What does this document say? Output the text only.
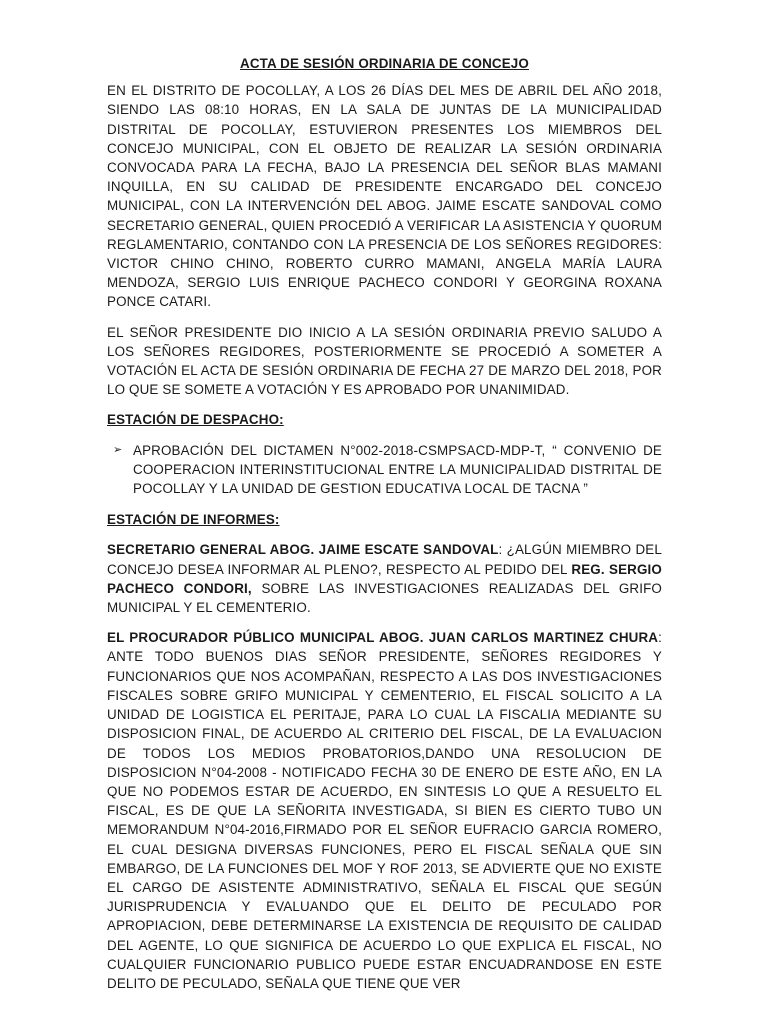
ACTA DE SESIÓN ORDINARIA DE CONCEJO

EN EL DISTRITO DE POCOLLAY, A LOS 26 DÍAS DEL MES DE ABRIL DEL AÑO 2018, SIENDO LAS 08:10 HORAS, EN LA SALA DE JUNTAS DE LA MUNICIPALIDAD DISTRITAL DE POCOLLAY, ESTUVIERON PRESENTES LOS MIEMBROS DEL CONCEJO MUNICIPAL, CON EL OBJETO DE REALIZAR LA SESIÓN ORDINARIA CONVOCADA PARA LA FECHA, BAJO LA PRESENCIA DEL SEÑOR BLAS MAMANI INQUILLA, EN SU CALIDAD DE PRESIDENTE ENCARGADO DEL CONCEJO MUNICIPAL, CON LA INTERVENCIÓN DEL ABOG. JAIME ESCATE SANDOVAL COMO SECRETARIO GENERAL, QUIEN PROCEDIÓ A VERIFICAR LA ASISTENCIA Y QUORUM REGLAMENTARIO, CONTANDO CON LA PRESENCIA DE LOS SEÑORES REGIDORES: VICTOR CHINO CHINO, ROBERTO CURRO MAMANI, ANGELA MARÍA LAURA MENDOZA, SERGIO LUIS ENRIQUE PACHECO CONDORI Y GEORGINA ROXANA PONCE CATARI.

EL SEÑOR PRESIDENTE DIO INICIO A LA SESIÓN ORDINARIA PREVIO SALUDO A LOS SEÑORES REGIDORES, POSTERIORMENTE SE PROCEDIÓ A SOMETER A VOTACIÓN EL ACTA DE SESIÓN ORDINARIA DE FECHA 27 DE MARZO DEL 2018, POR LO QUE SE SOMETE A VOTACIÓN Y ES APROBADO POR UNANIMIDAD.

ESTACIÓN DE DESPACHO:
➢ APROBACIÓN DEL DICTAMEN N°002-2018-CSMPSACD-MDP-T, “ CONVENIO DE COOPERACION INTERINSTITUCIONAL ENTRE LA MUNICIPALIDAD DISTRITAL DE POCOLLAY Y LA UNIDAD DE GESTION EDUCATIVA LOCAL DE TACNA ”
ESTACIÓN DE INFORMES:

SECRETARIO GENERAL ABOG. JAIME ESCATE SANDOVAL: ¿ALGÚN MIEMBRO DEL CONCEJO DESEA INFORMAR AL PLENO?, RESPECTO AL PEDIDO DEL REG. SERGIO PACHECO CONDORI, SOBRE LAS INVESTIGACIONES REALIZADAS DEL GRIFO MUNICIPAL Y EL CEMENTERIO.

EL PROCURADOR PÚBLICO MUNICIPAL ABOG. JUAN CARLOS MARTINEZ CHURA: ANTE TODO BUENOS DIAS SEÑOR PRESIDENTE, SEÑORES REGIDORES Y FUNCIONARIOS QUE NOS ACOMPAÑAN, RESPECTO A LAS DOS INVESTIGACIONES FISCALES SOBRE GRIFO MUNICIPAL Y CEMENTERIO, EL FISCAL SOLICITO A LA UNIDAD DE LOGISTICA EL PERITAJE, PARA LO CUAL LA FISCALIA MEDIANTE SU DISPOSICION FINAL, DE ACUERDO AL CRITERIO DEL FISCAL, DE LA EVALUACION DE TODOS LOS MEDIOS PROBATORIOS,DANDO UNA RESOLUCION DE DISPOSICION N°04-2008 - NOTIFICADO FECHA 30 DE ENERO DE ESTE AÑO, EN LA QUE NO PODEMOS ESTAR DE ACUERDO, EN SINTESIS LO QUE A RESUELTO EL FISCAL, ES DE QUE LA SEÑORITA INVESTIGADA, SI BIEN ES CIERTO TUBO UN MEMORANDUM N°04-2016,FIRMADO POR EL SEÑOR EUFRACIO GARCIA ROMERO, EL CUAL DESIGNA DIVERSAS FUNCIONES, PERO EL FISCAL SEÑALA QUE SIN EMBARGO, DE LA FUNCIONES DEL MOF Y ROF 2013, SE ADVIERTE QUE NO EXISTE EL CARGO DE ASISTENTE ADMINISTRATIVO, SEÑALA EL FISCAL QUE SEGÚN JURISPRUDENCIA Y EVALUANDO QUE EL DELITO DE PECULADO POR APROPIACION, DEBE DETERMINARSE LA EXISTENCIA DE REQUISITO DE CALIDAD DEL AGENTE, LO QUE SIGNIFICA DE ACUERDO LO QUE EXPLICA EL FISCAL, NO CUALQUIER FUNCIONARIO PUBLICO PUEDE ESTAR ENCUADRANDOSE EN ESTE DELITO DE PECULADO, SEÑALA QUE TIENE QUE VER
